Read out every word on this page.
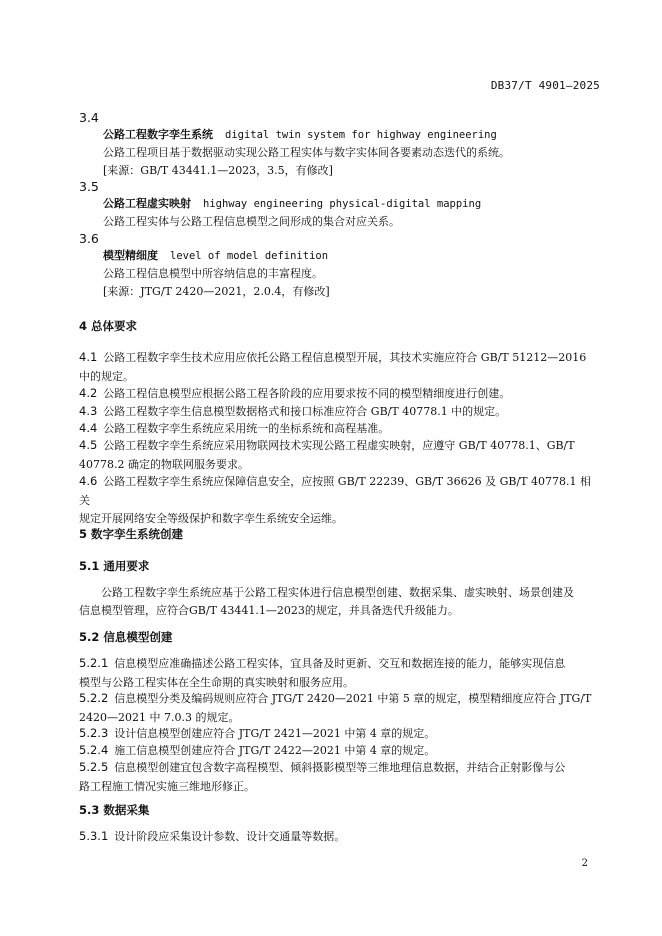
DB37/T 4901—2025
3.4
公路工程数字孪生系统 digital twin system for highway engineering
公路工程项目基于数据驱动实现公路工程实体与数字实体间各要素动态迭代的系统。
[来源：GB/T 43441.1—2023，3.5，有修改]
3.5
公路工程虚实映射 highway engineering physical-digital mapping
公路工程实体与公路工程信息模型之间形成的集合对应关系。
3.6
模型精细度 level of model definition
公路工程信息模型中所容纳信息的丰富程度。
[来源：JTG/T 2420—2021，2.0.4，有修改]
4 总体要求
4.1 公路工程数字孪生技术应用应依托公路工程信息模型开展，其技术实施应符合 GB/T 51212—2016
中的规定。
4.2 公路工程信息模型应根据公路工程各阶段的应用要求按不同的模型精细度进行创建。
4.3 公路工程数字孪生信息模型数据格式和接口标准应符合 GB/T 40778.1 中的规定。
4.4 公路工程数字孪生系统应采用统一的坐标系统和高程基准。
4.5 公路工程数字孪生系统应采用物联网技术实现公路工程虚实映射，应遵守 GB/T 40778.1、GB/T
40778.2 确定的物联网服务要求。
4.6 公路工程数字孪生系统应保障信息安全，应按照 GB/T 22239、GB/T 36626 及 GB/T 40778.1 相关
规定开展网络安全等级保护和数字孪生系统安全运维。
5 数字孪生系统创建
5.1 通用要求
公路工程数字孪生系统应基于公路工程实体进行信息模型创建、数据采集、虚实映射、场景创建及
信息模型管理，应符合GB/T 43441.1—2023的规定，并具备迭代升级能力。
5.2 信息模型创建
5.2.1 信息模型应准确描述公路工程实体，宜具备及时更新、交互和数据连接的能力，能够实现信息
模型与公路工程实体在全生命期的真实映射和服务应用。
5.2.2 信息模型分类及编码规则应符合 JTG/T 2420—2021 中第 5 章的规定，模型精细度应符合 JTG/T
2420—2021 中 7.0.3 的规定。
5.2.3 设计信息模型创建应符合 JTG/T 2421—2021 中第 4 章的规定。
5.2.4 施工信息模型创建应符合 JTG/T 2422—2021 中第 4 章的规定。
5.2.5 信息模型创建宜包含数字高程模型、倾斜摄影模型等三维地理信息数据，并结合正射影像与公
路工程施工情况实施三维地形修正。
5.3 数据采集
5.3.1 设计阶段应采集设计参数、设计交通量等数据。
2
